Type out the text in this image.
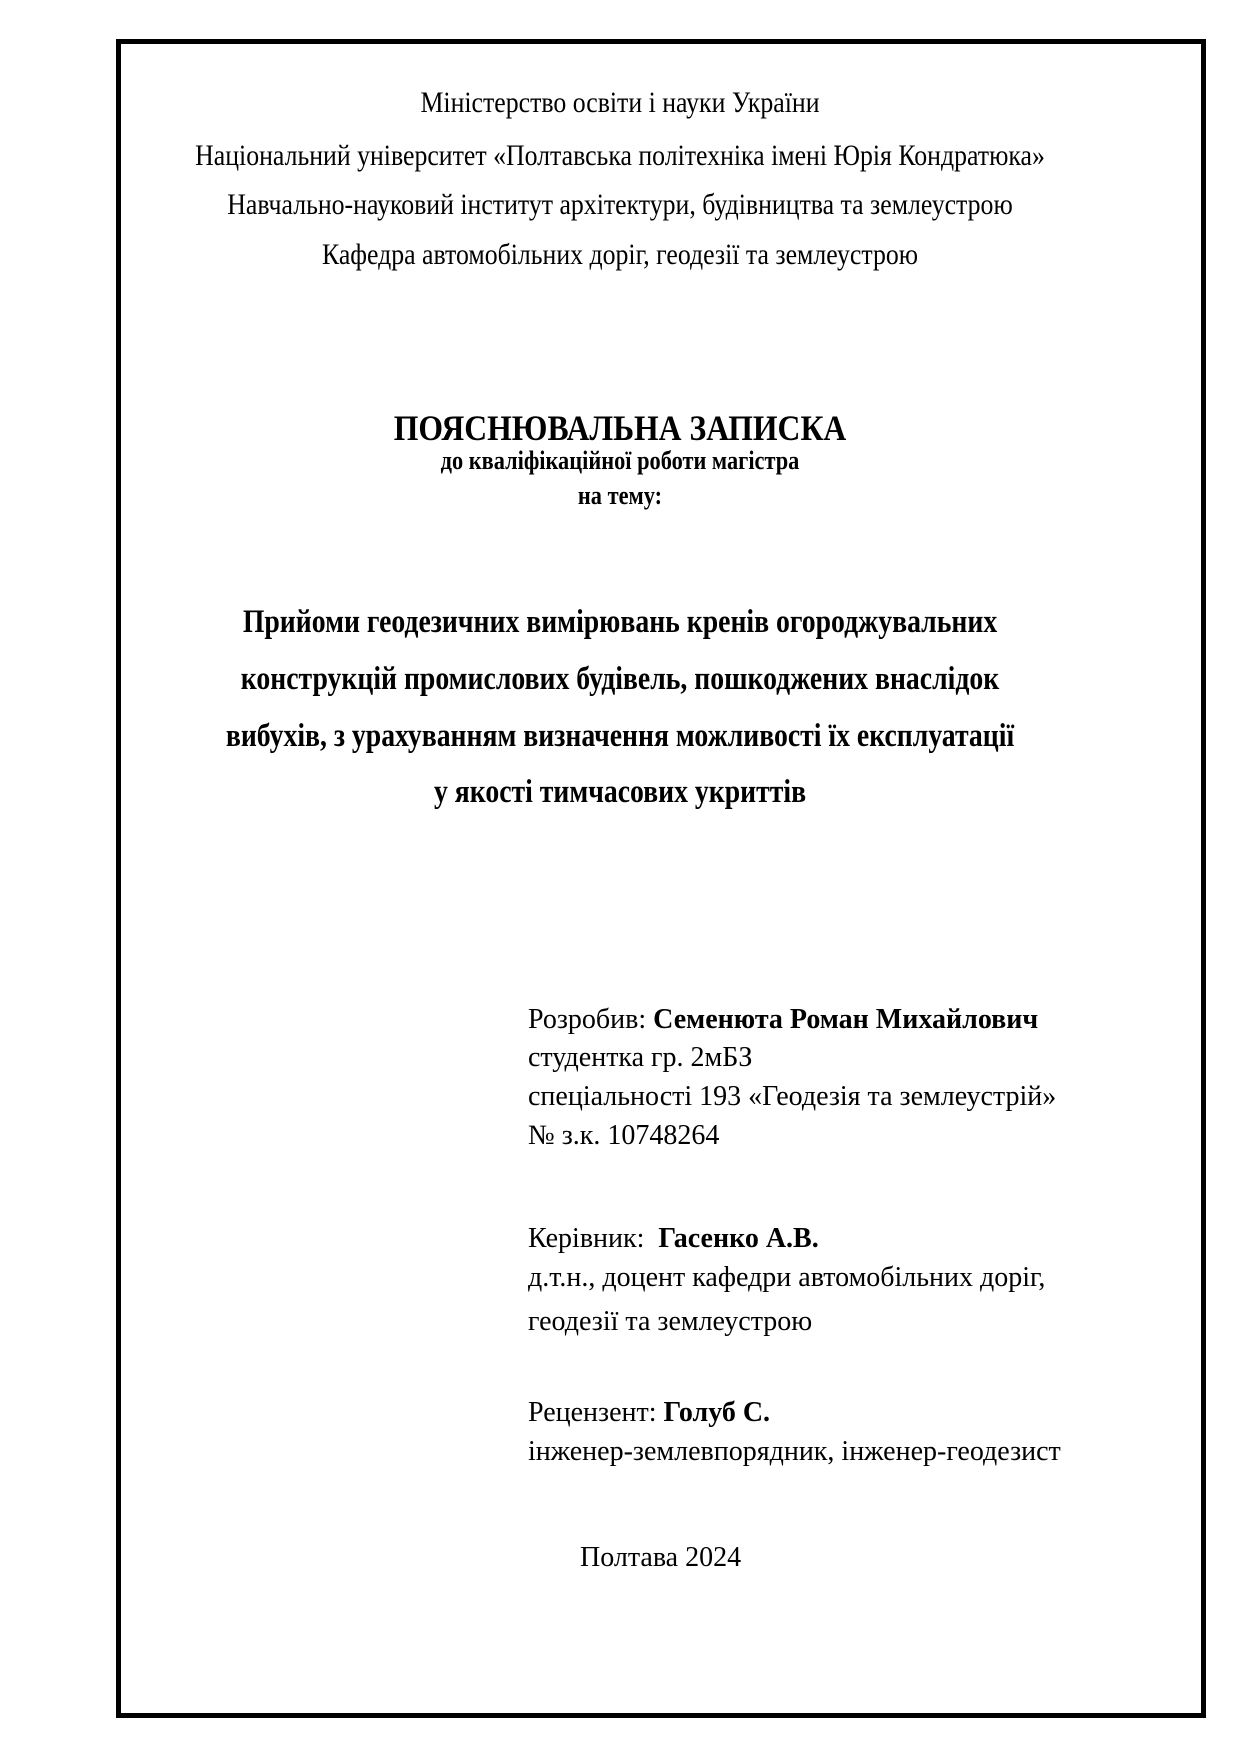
Міністерство освіти і науки України
Національний університет «Полтавська політехніка імені Юрія Кондратюка»
Навчально-науковий інститут архітектури, будівництва та землеустрою
Кафедра автомобільних доріг, геодезії та землеустрою
ПОЯСНЮВАЛЬНА ЗАПИСКА
до кваліфікаційної роботи магістра
на тему:
Прийоми геодезичних вимірювань кренів огороджувальних
конструкцій промислових будівель, пошкоджених внаслідок
вибухів, з урахуванням визначення можливості їх експлуатації
у якості тимчасових укриттів
Розробив: Семенюта Роман Михайлович
студентка гр. 2мБЗ
спеціальності 193 «Геодезія та землеустрій»
№ з.к. 10748264
Керівник:  Гасенко А.В.
д.т.н., доцент кафедри автомобільних доріг,
геодезії та землеустрою
Рецензент: Голуб С.
інженер-землевпорядник, інженер-геодезист
Полтава 2024
